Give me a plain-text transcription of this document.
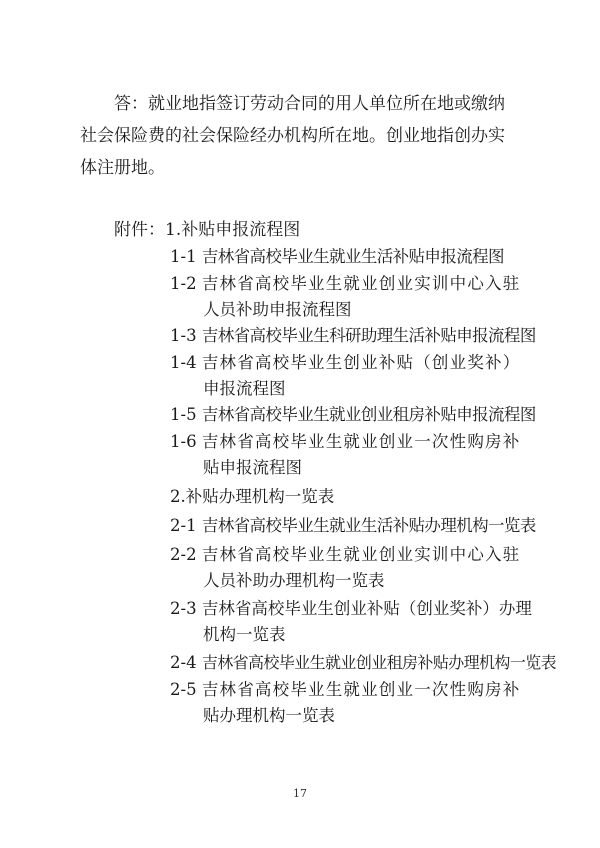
答：就业地指签订劳动合同的用人单位所在地或缴纳
社会保险费的社会保险经办机构所在地。创业地指创办实
体注册地。
附件：1.补贴申报流程图
1-1 吉林省高校毕业生就业生活补贴申报流程图
1-2 吉林省高校毕业生就业创业实训中心入驻
人员补助申报流程图
1-3 吉林省高校毕业生科研助理生活补贴申报流程图
1-4 吉林省高校毕业生创业补贴（创业奖补）
申报流程图
1-5 吉林省高校毕业生就业创业租房补贴申报流程图
1-6 吉林省高校毕业生就业创业一次性购房补
贴申报流程图
2.补贴办理机构一览表
2-1 吉林省高校毕业生就业生活补贴办理机构一览表
2-2 吉林省高校毕业生就业创业实训中心入驻
人员补助办理机构一览表
2-3 吉林省高校毕业生创业补贴（创业奖补）办理
机构一览表
2-4 吉林省高校毕业生就业创业租房补贴办理机构一览表
2-5 吉林省高校毕业生就业创业一次性购房补
贴办理机构一览表
17
